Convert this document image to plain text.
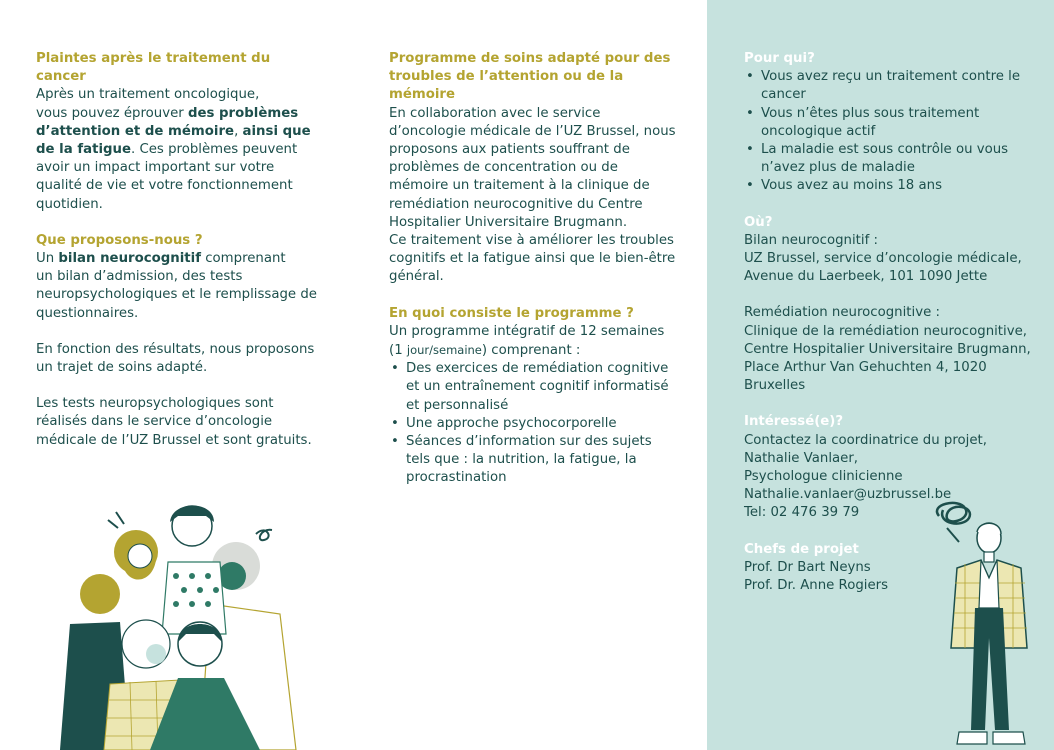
Plaintes après le traitement du cancer

Après un traitement oncologique,

vous pouvez éprouver des problèmes d’attention et de mémoire, ainsi que de la fatigue. Ces problèmes peuvent avoir un impact important sur votre qualité de vie et votre fonctionnement quotidien.

Que proposons-nous ?

Un bilan neurocognitif comprenant

un bilan d’admission, des tests neuropsychologiques et le remplissage de questionnaires.

En fonction des résultats, nous proposons un trajet de soins adapté.

Les tests neuropsychologiques sont réalisés dans le service d’oncologie médicale de l’UZ Brussel et sont gratuits.

Programme de soins adapté pour des troubles de l’attention ou de la mémoire

En collaboration avec le service d’oncologie médicale de l’UZ Brussel, nous proposons aux patients souffrant de problèmes de concentration ou de mémoire un traitement à la clinique de remédiation neurocognitive du Centre Hospitalier Universitaire Brugmann.

Ce traitement vise à améliorer les troubles cognitifs et la fatigue ainsi que le bien-être général.

En quoi consiste le programme ?

Un programme intégratif de 12 semaines (1 jour/semaine) comprenant :

• Des exercices de remédiation cognitive et un entraînement cognitif informatisé et personnalisé
• Une approche psychocorporelle
• Séances d’information sur des sujets tels que : la nutrition, la fatigue, la procrastination
Pour qui?
• Vous avez reçu un traitement contre le cancer
• Vous n’êtes plus sous traitement oncologique actif
• La maladie est sous contrôle ou vous n’avez plus de maladie
• Vous avez au moins 18 ans
Où?

Bilan neurocognitif :

UZ Brussel, service d’oncologie médicale, Avenue du Laerbeek, 101 1090 Jette

Remédiation neurocognitive :

Clinique de la remédiation neurocognitive, Centre Hospitalier Universitaire Brugmann, Place Arthur Van Gehuchten 4, 1020 Bruxelles

Intéressé(e)?

Contactez la coordinatrice du projet,

Nathalie Vanlaer,

Psychologue clinicienne

Nathalie.vanlaer@uzbrussel.be

Tel: 02 476 39 79

Chefs de projet

Prof. Dr Bart Neyns

Prof. Dr. Anne Rogiers
